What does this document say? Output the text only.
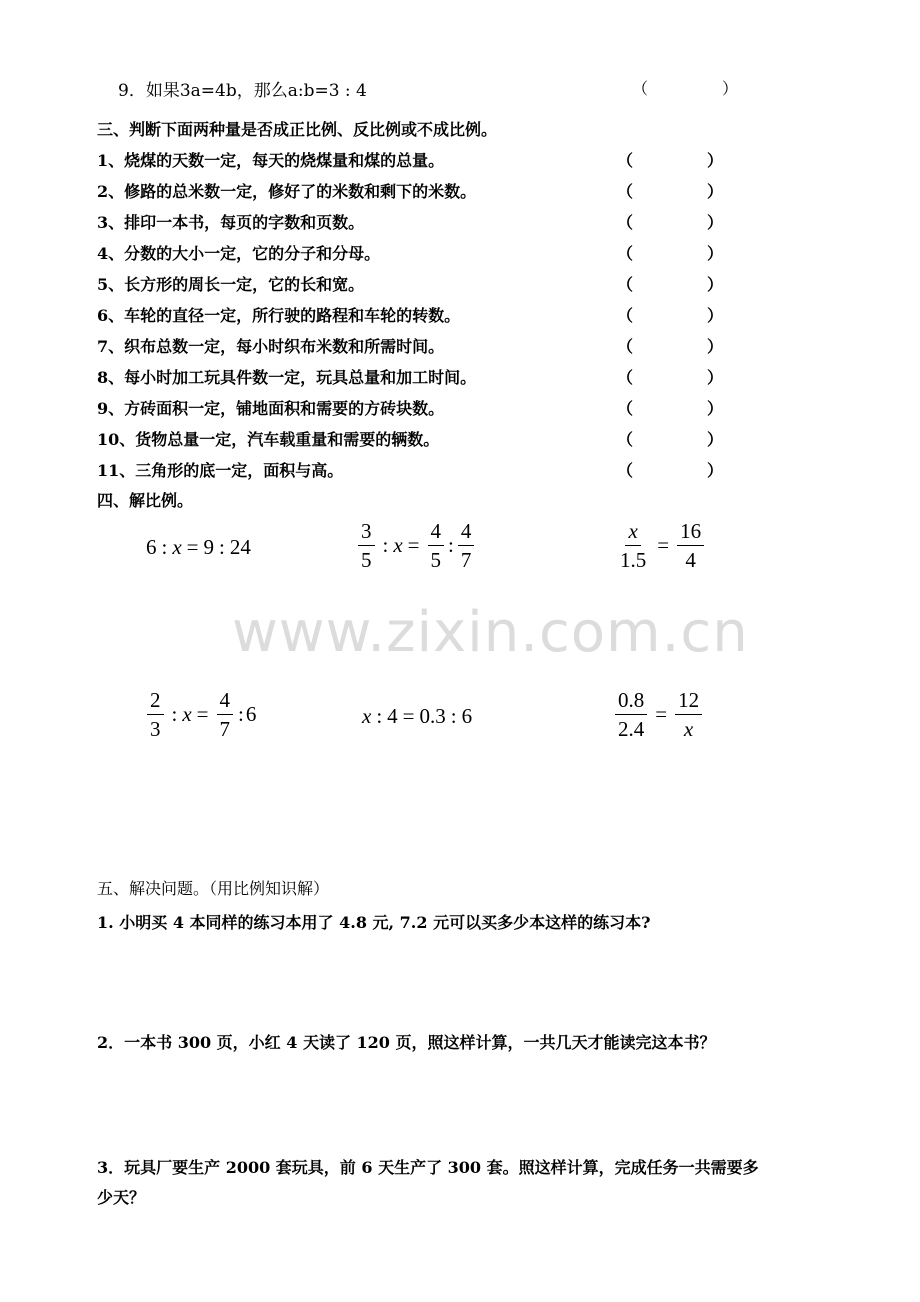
9．如果3a=4b，那么a:b=3 : 4	（	）
三、判断下面两种量是否成正比例、反比例或不成比例。
1、烧煤的天数一定，每天的烧煤量和煤的总量。	（	）
2、修路的总米数一定，修好了的米数和剩下的米数。	（	）
3、排印一本书，每页的字数和页数。	（	）
4、分数的大小一定，它的分子和分母。	（	）
5、长方形的周长一定，它的长和宽。	（	）
6、车轮的直径一定，所行驶的路程和车轮的转数。	（	）
7、织布总数一定，每小时织布米数和所需时间。	（	）
8、每小时加工玩具件数一定，玩具总量和加工时间。	（	）
9、方砖面积一定，铺地面积和需要的方砖块数。	（	）
10、货物总量一定，汽车载重量和需要的辆数。	（	）
11、三角形的底一定，面积与高。	（	）
四、解比例。
6 : x = 9 : 24	$\frac{3}{5}$ : $x = \frac{4}{5}$ : $\frac{4}{7}$	$\frac{x}{1.5} = \frac{16}{4}$
www.zixin.com.cn
$\frac{2}{3}$ : $x = \frac{4}{7}$ : 6	x : 4 = 0.3 : 6	$\frac{0.8}{2.4} = \frac{12}{x}$
五、解决问题。（用比例知识解）
1. 小明买 4 本同样的练习本用了 4.8 元, 7.2 元可以买多少本这样的练习本?
2．一本书 300 页，小红 4 天读了 120 页，照这样计算，一共几天才能读完这本书？
3．玩具厂要生产 2000 套玩具，前 6 天生产了 300 套。照这样计算，完成任务一共需要多
少天？
